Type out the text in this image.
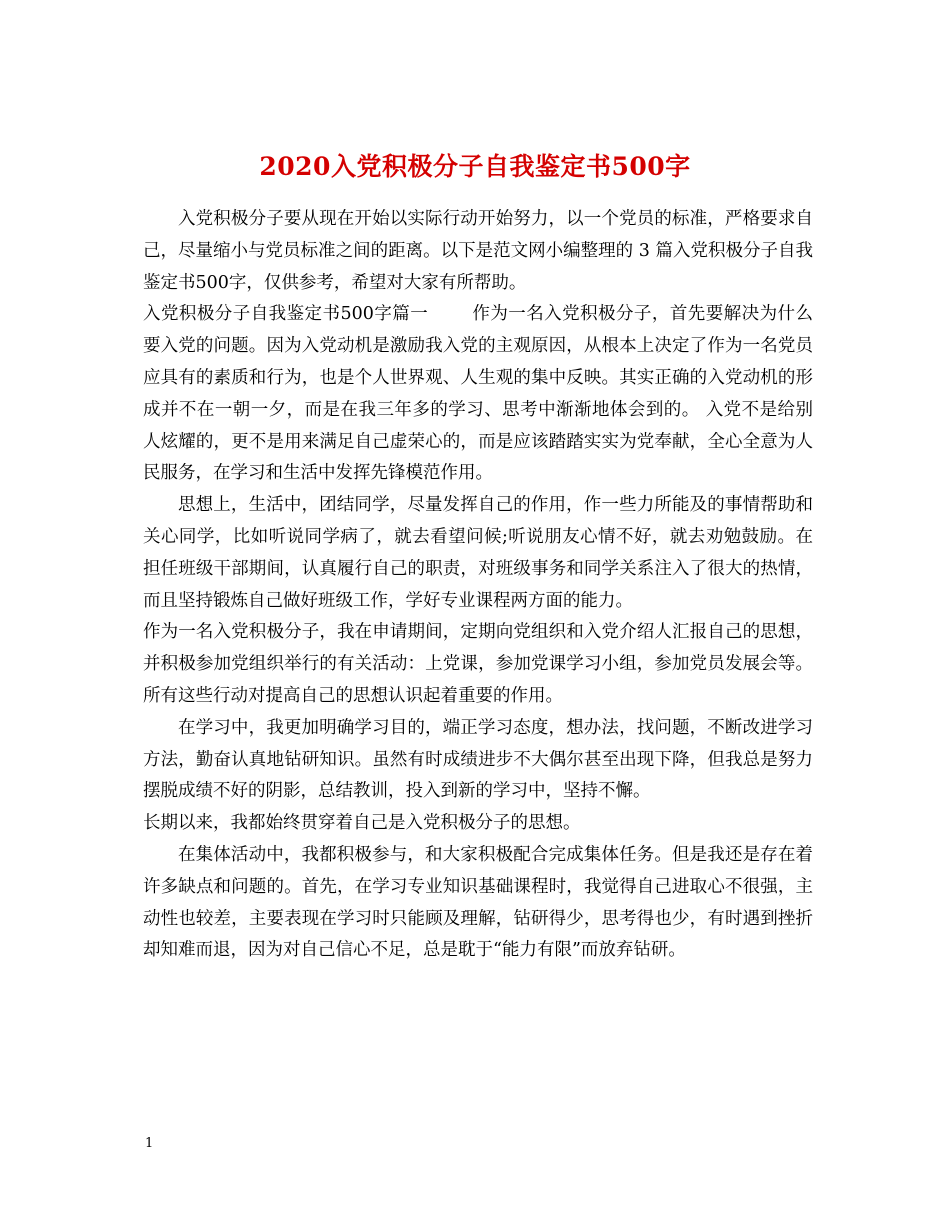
2020入党积极分子自我鉴定书500字

入党积极分子要从现在开始以实际行动开始努力，以一个党员的标准，严格要求自己，尽量缩小与党员标准之间的距离。以下是范文网小编整理的 3 篇入党积极分子自我鉴定书500字，仅供参考，希望对大家有所帮助。

入党积极分子自我鉴定书500字篇一	作为一名入党积极分子，首先要解决为什么要入党的问题。因为入党动机是激励我入党的主观原因，从根本上决定了作为一名党员应具有的素质和行为，也是个人世界观、人生观的集中反映。其实正确的入党动机的形成并不在一朝一夕，而是在我三年多的学习、思考中渐渐地体会到的。 入党不是给别人炫耀的，更不是用来满足自己虚荣心的，而是应该踏踏实实为党奉献，全心全意为人民服务，在学习和生活中发挥先锋模范作用。

思想上，生活中，团结同学，尽量发挥自己的作用，作一些力所能及的事情帮助和关心同学，比如听说同学病了，就去看望问候;听说朋友心情不好，就去劝勉鼓励。在担任班级干部期间，认真履行自己的职责，对班级事务和同学关系注入了很大的热情，而且坚持锻炼自己做好班级工作，学好专业课程两方面的能力。

作为一名入党积极分子，我在申请期间，定期向党组织和入党介绍人汇报自己的思想，并积极参加党组织举行的有关活动：上党课，参加党课学习小组，参加党员发展会等。所有这些行动对提高自己的思想认识起着重要的作用。

在学习中，我更加明确学习目的，端正学习态度，想办法，找问题，不断改进学习方法，勤奋认真地钻研知识。虽然有时成绩进步不大偶尔甚至出现下降，但我总是努力摆脱成绩不好的阴影，总结教训，投入到新的学习中，坚持不懈。

长期以来，我都始终贯穿着自己是入党积极分子的思想。

在集体活动中，我都积极参与，和大家积极配合完成集体任务。但是我还是存在着许多缺点和问题的。首先，在学习专业知识基础课程时，我觉得自己进取心不很强，主动性也较差，主要表现在学习时只能顾及理解，钻研得少，思考得也少，有时遇到挫折却知难而退，因为对自己信心不足，总是耽于“能力有限”而放弃钻研。

1
